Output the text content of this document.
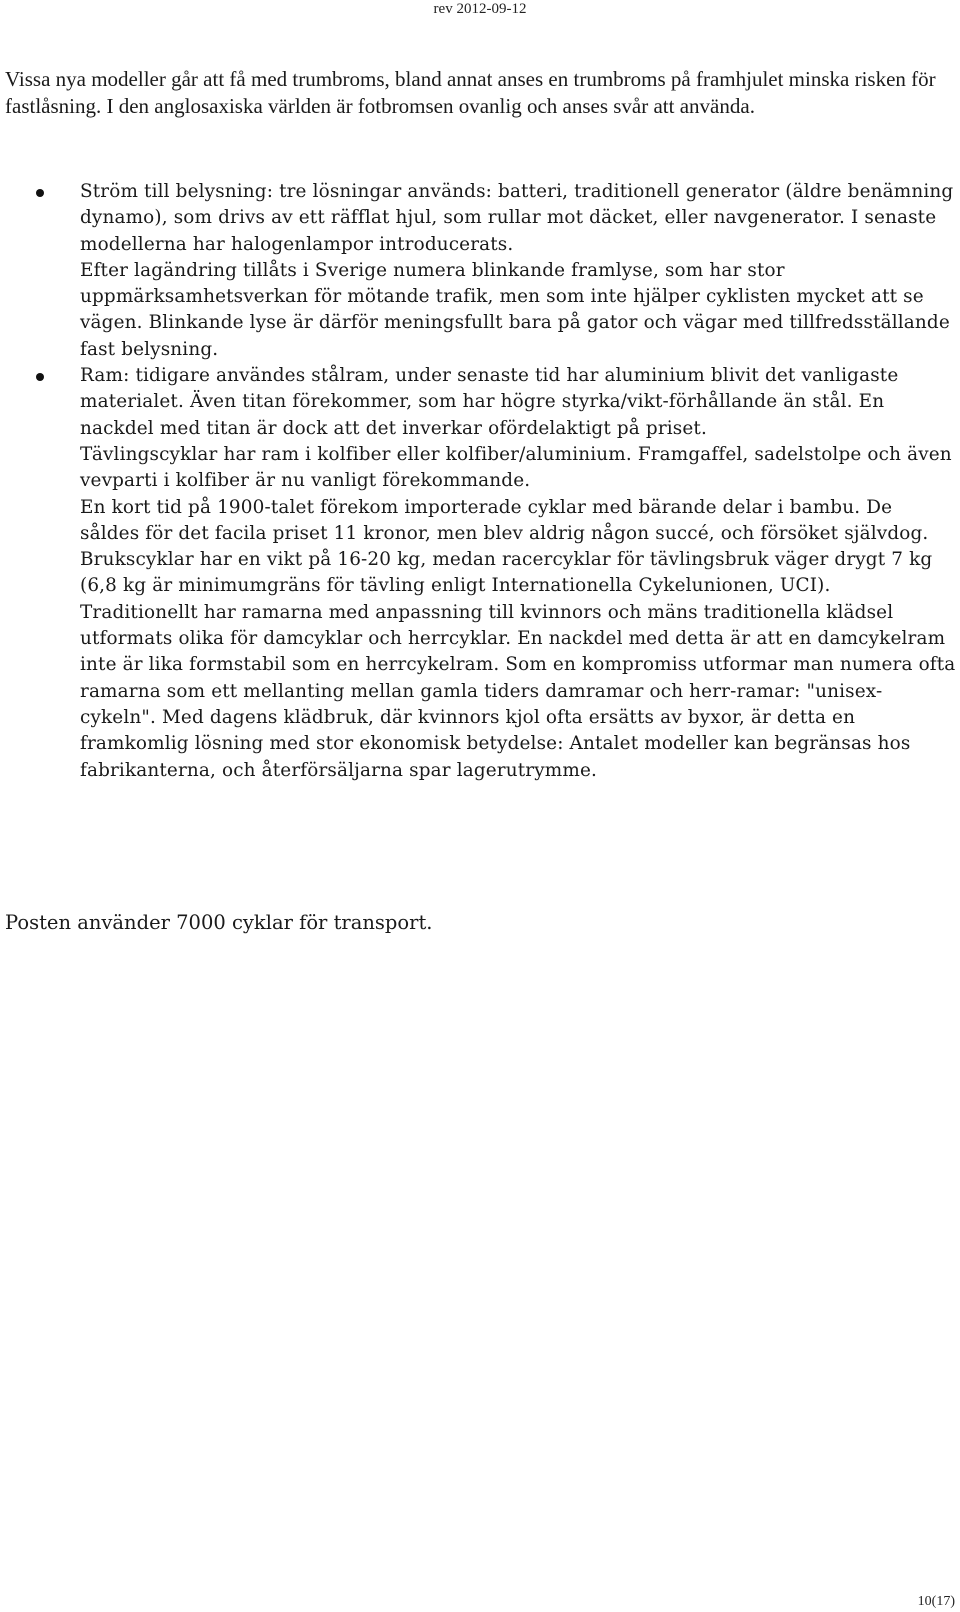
rev 2012-09-12

Vissa nya modeller går att få med trumbroms, bland annat anses en trumbroms på framhjulet minska risken för fastlåsning. I den anglosaxiska världen är fotbromsen ovanlig och anses svår att använda.

Ström till belysning: tre lösningar används: batteri, traditionell generator (äldre benämning dynamo), som drivs av ett räfflat hjul, som rullar mot däcket, eller navgenerator. I senaste modellerna har halogenlampor introducerats.

Efter lagändring tillåts i Sverige numera blinkande framlyse, som har stor uppmärksamhetsverkan för mötande trafik, men som inte hjälper cyklisten mycket att se vägen. Blinkande lyse är därför meningsfullt bara på gator och vägar med tillfredsställande fast belysning.

Ram: tidigare användes stålram, under senaste tid har aluminium blivit det vanligaste materialet. Även titan förekommer, som har högre styrka/vikt-förhållande än stål. En nackdel med titan är dock att det inverkar ofördelaktigt på priset.

Tävlingscyklar har ram i kolfiber eller kolfiber/aluminium. Framgaffel, sadelstolpe och även vevparti i kolfiber är nu vanligt förekommande.

En kort tid på 1900-talet förekom importerade cyklar med bärande delar i bambu. De såldes för det facila priset 11 kronor, men blev aldrig någon succé, och försöket självdog.

Brukscyklar har en vikt på 16-20 kg, medan racercyklar för tävlingsbruk väger drygt 7 kg (6,8 kg är minimumgräns för tävling enligt Internationella Cykelunionen, UCI).

Traditionellt har ramarna med anpassning till kvinnors och mäns traditionella klädsel utformats olika för damcyklar och herrcyklar. En nackdel med detta är att en damcykelram inte är lika formstabil som en herrcykelram. Som en kompromiss utformar man numera ofta ramarna som ett mellanting mellan gamla tiders damramar och herr-ramar: "unisex-cykeln". Med dagens klädbruk, där kvinnors kjol ofta ersätts av byxor, är detta en framkomlig lösning med stor ekonomisk betydelse: Antalet modeller kan begränsas hos fabrikanterna, och återförsäljarna spar lagerutrymme.

Posten använder 7000 cyklar för transport.

10(17)
